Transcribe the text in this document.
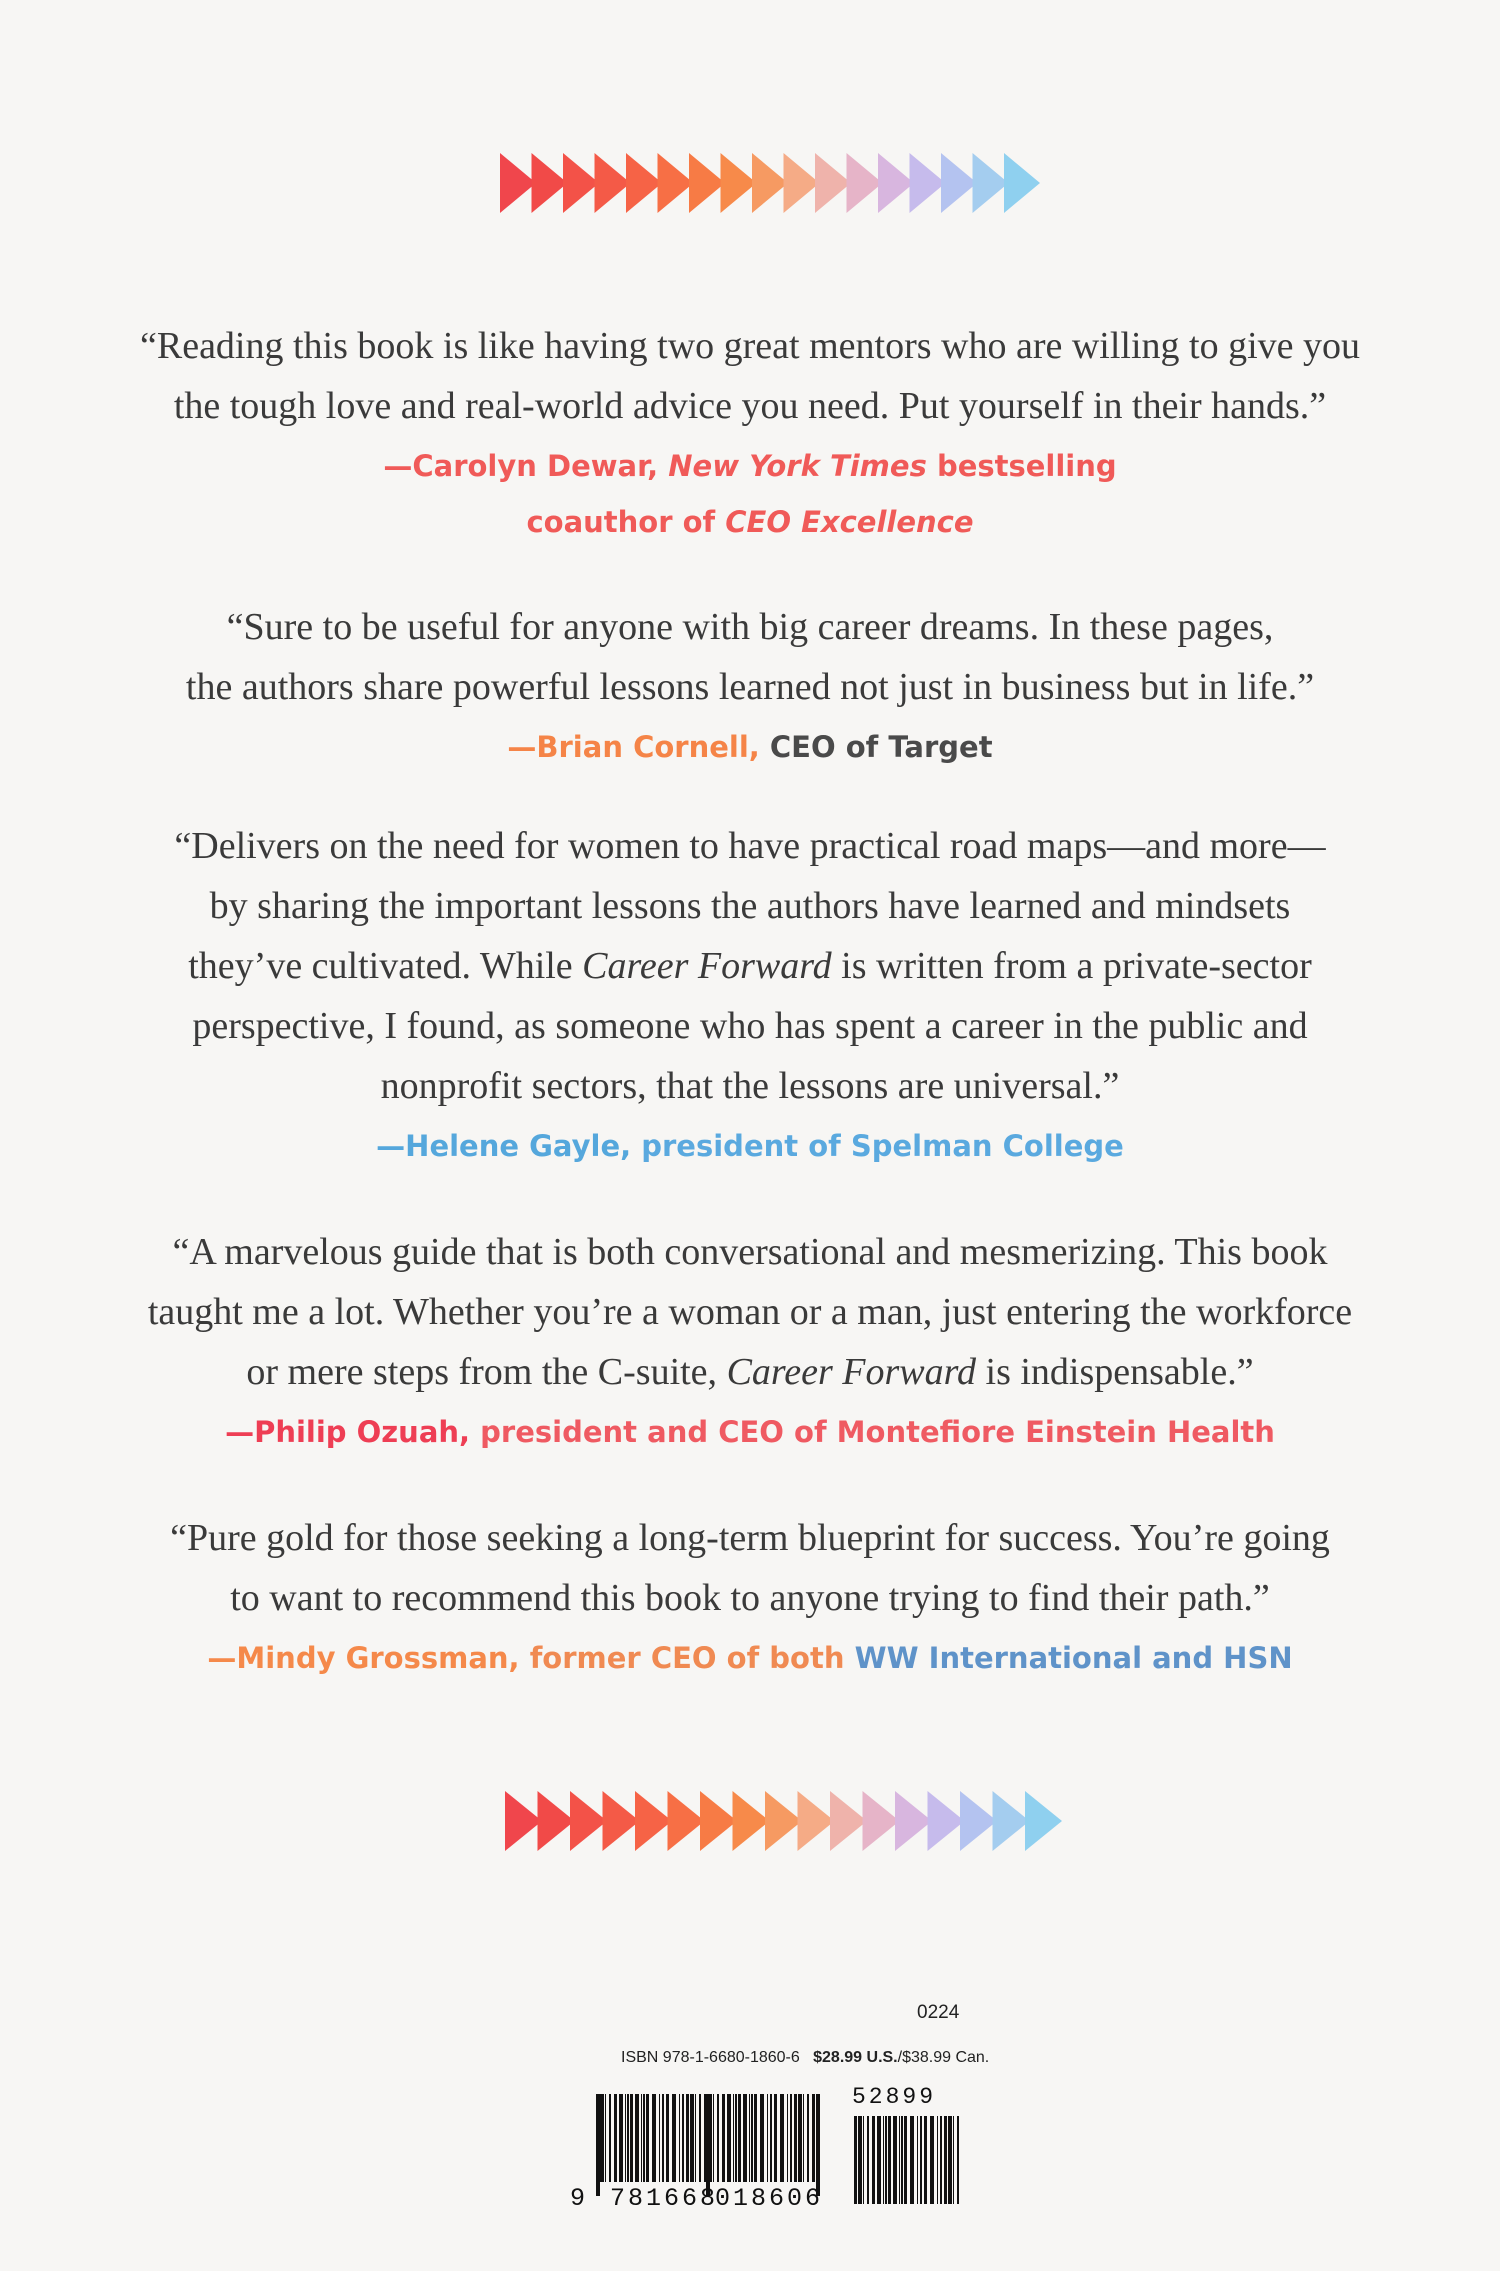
“Reading this book is like having two great mentors who are willing to give you
the tough love and real-world advice you need. Put yourself in their hands.”

—Carolyn Dewar, New York Times bestselling
coauthor of CEO Excellence

“Sure to be useful for anyone with big career dreams. In these pages,
the authors share powerful lessons learned not just in business but in life.”

—Brian Cornell, CEO of Target

“Delivers on the need for women to have practical road maps—and more—
by sharing the important lessons the authors have learned and mindsets
they’ve cultivated. While Career Forward is written from a private-sector
perspective, I found, as someone who has spent a career in the public and
nonprofit sectors, that the lessons are universal.”

—Helene Gayle, president of Spelman College

“A marvelous guide that is both conversational and mesmerizing. This book
taught me a lot. Whether you’re a woman or a man, just entering the workforce
or mere steps from the C-suite, Career Forward is indispensable.”

—Philip Ozuah, president and CEO of Montefiore Einstein Health

“Pure gold for those seeking a long-term blueprint for success. You’re going
to want to recommend this book to anyone trying to find their path.”

—Mindy Grossman, former CEO of both WW International and HSN
0224
ISBN 978-1-6680-1860-6 $28.99 U.S./$38.99 Can.
9 781668
018606
52899
